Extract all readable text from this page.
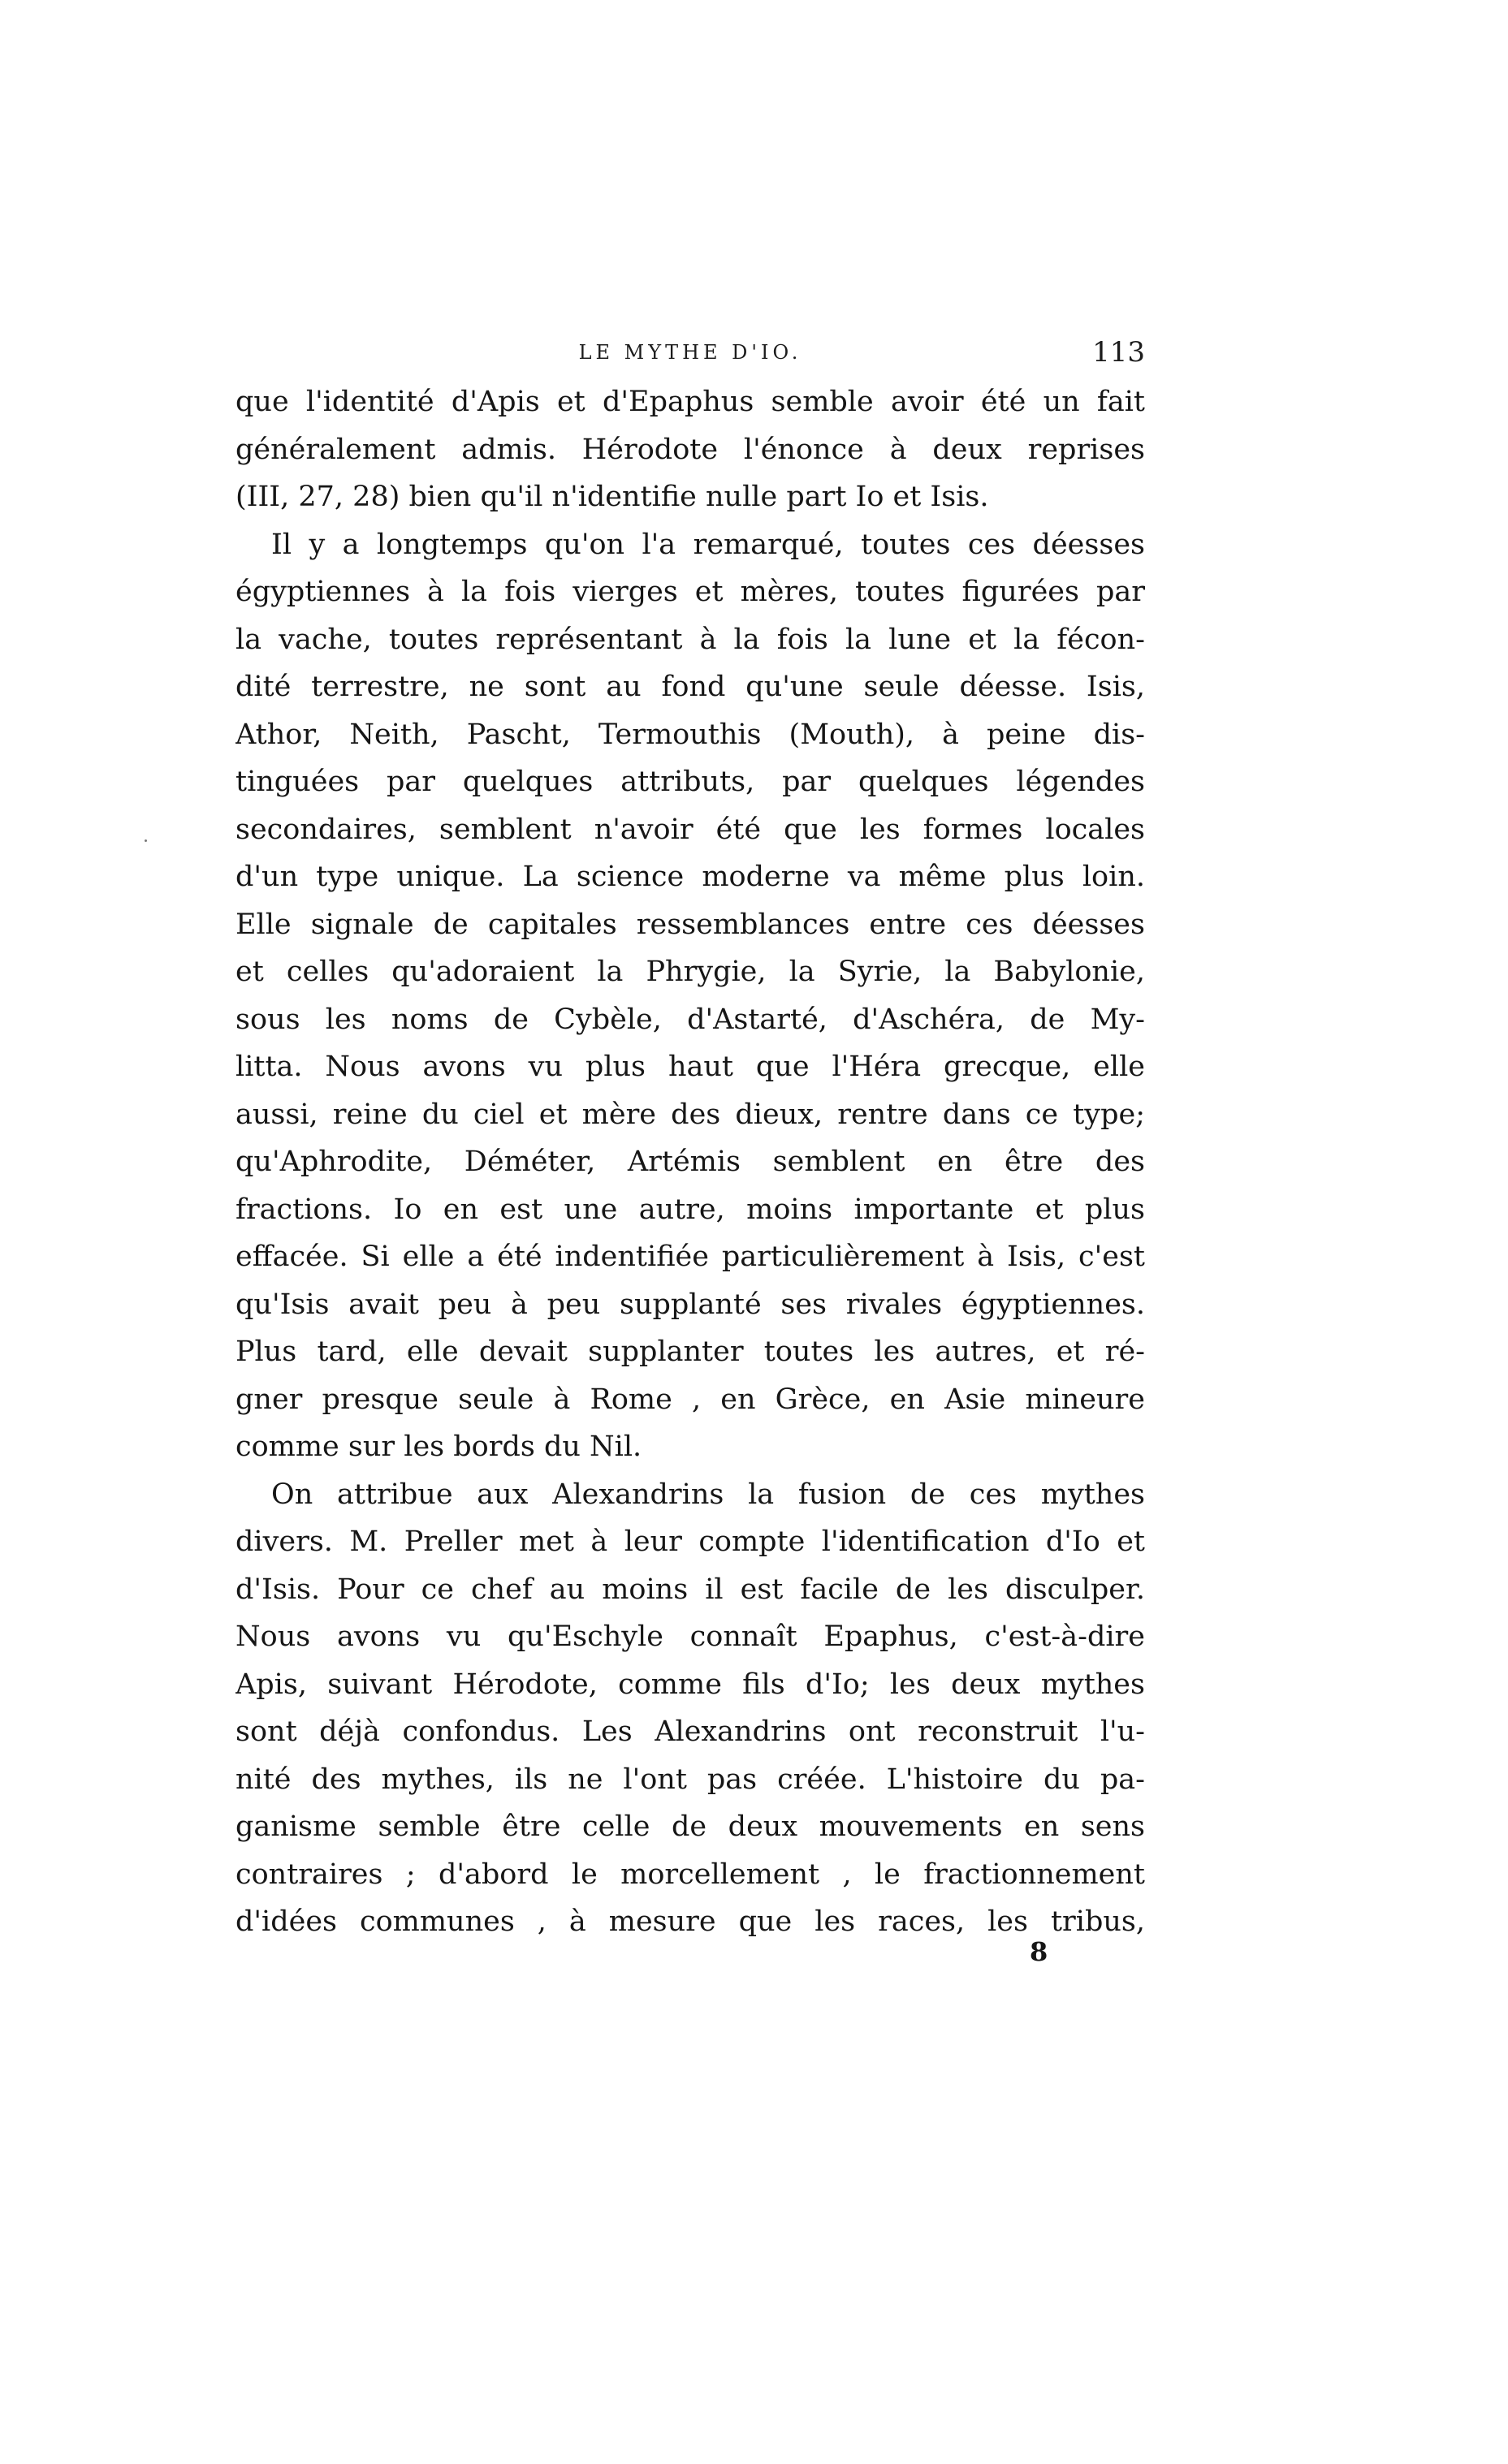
LE MYTHE D'IO.	113
que l'identité d'Apis et d'Epaphus semble avoir été un fait
généralement admis. Hérodote l'énonce à deux reprises
(III, 27, 28) bien qu'il n'identifie nulle part Io et Isis.
Il y a longtemps qu'on l'a remarqué, toutes ces déesses
égyptiennes à la fois vierges et mères, toutes figurées par
la vache, toutes représentant à la fois la lune et la fécon-
dité terrestre, ne sont au fond qu'une seule déesse. Isis,
Athor, Neith, Pascht, Termouthis (Mouth), à peine dis-
tinguées par quelques attributs, par quelques légendes
secondaires, semblent n'avoir été que les formes locales
d'un type unique. La science moderne va même plus loin.
Elle signale de capitales ressemblances entre ces déesses
et celles qu'adoraient la Phrygie, la Syrie, la Babylonie,
sous les noms de Cybèle, d'Astarté, d'Aschéra, de My-
litta. Nous avons vu plus haut que l'Héra grecque, elle
aussi, reine du ciel et mère des dieux, rentre dans ce type;
qu'Aphrodite, Déméter, Artémis semblent en être des
fractions. Io en est une autre, moins importante et plus
effacée. Si elle a été indentifiée particulièrement à Isis, c'est
qu'Isis avait peu à peu supplanté ses rivales égyptiennes.
Plus tard, elle devait supplanter toutes les autres, et ré-
gner presque seule à Rome , en Grèce, en Asie mineure
comme sur les bords du Nil.
On attribue aux Alexandrins la fusion de ces mythes
divers. M. Preller met à leur compte l'identification d'Io et
d'Isis. Pour ce chef au moins il est facile de les disculper.
Nous avons vu qu'Eschyle connaît Epaphus, c'est-à-dire
Apis, suivant Hérodote, comme fils d'Io; les deux mythes
sont déjà confondus. Les Alexandrins ont reconstruit l'u-
nité des mythes, ils ne l'ont pas créée. L'histoire du pa-
ganisme semble être celle de deux mouvements en sens
contraires ; d'abord le morcellement , le fractionnement
d'idées communes , à mesure que les races, les tribus,
8
